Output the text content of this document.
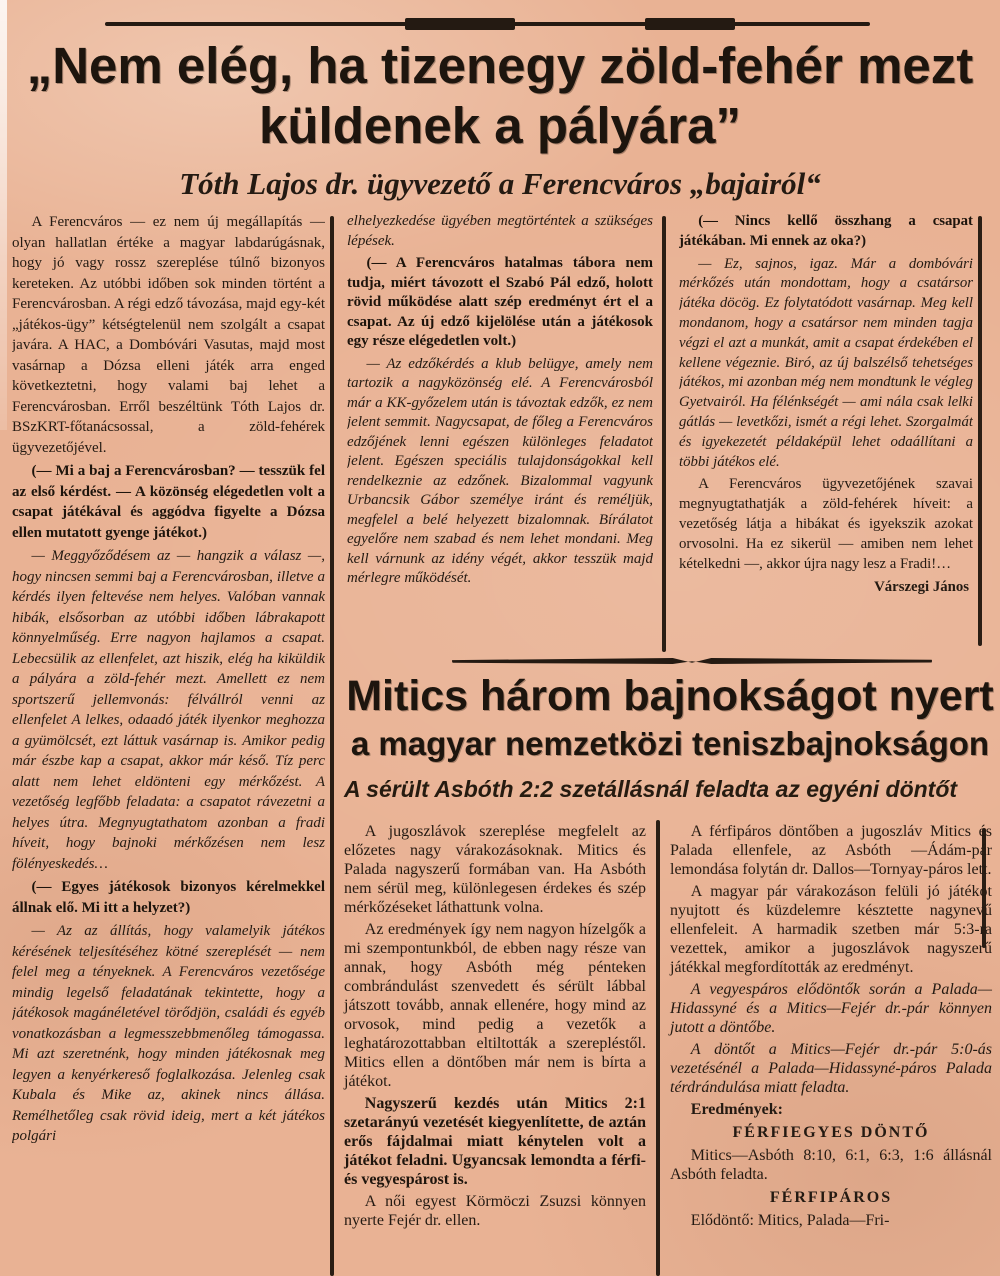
„Nem elég, ha tizenegy zöld-fehér mezt
küldenek a pályára”
Tóth Lajos dr. ügyvezető a Ferencváros „bajairól“

A Ferencváros — ez nem új megállapítás — olyan hallatlan értéke a magyar labdarúgásnak, hogy jó vagy rossz szereplése túlnő bizonyos kereteken. Az utóbbi időben sok minden történt a Ferencvárosban. A régi edző távozása, majd egy-két „játékos-ügy” kétségtelenül nem szolgált a csapat javára. A HAC, a Dombóvári Vasutas, majd most vasárnap a Dózsa elleni játék arra enged következtetni, hogy valami baj lehet a Ferencvárosban. Erről beszéltünk Tóth Lajos dr. BSzKRT-főtanácsossal, a zöld-fehérek ügyvezetőjével.

(— Mi a baj a Ferencvárosban? — tesszük fel az első kérdést. — A közönség elégedetlen volt a csapat játékával és aggódva figyelte a Dózsa ellen mutatott gyenge játékot.)

— Meggyőződésem az — hangzik a válasz —, hogy nincsen semmi baj a Ferencvárosban, illetve a kérdés ilyen feltevése nem helyes. Valóban vannak hibák, elsősorban az utóbbi időben lábrakapott könnyelműség. Erre nagyon hajlamos a csapat. Lebecsülik az ellenfelet, azt hiszik, elég ha kiküldik a pályára a zöld-fehér mezt. Amellett ez nem sportszerű jellemvonás: félvállról venni az ellenfelet A lelkes, odaadó játék ilyenkor meghozza a gyümölcsét, ezt láttuk vasárnap is. Amikor pedig már észbe kap a csapat, akkor már késő. Tíz perc alatt nem lehet eldönteni egy mérkőzést. A vezetőség legfőbb feladata: a csapatot rávezetni a helyes útra. Megnyugtathatom azonban a fradi híveit, hogy bajnoki mérkőzésen nem lesz fölényeskedés…

(— Egyes játékosok bizonyos kérelmekkel állnak elő. Mi itt a helyzet?)

— Az az állítás, hogy valamelyik játékos kérésének teljesítéséhez kötné szereplését — nem felel meg a tényeknek. A Ferencváros vezetősége mindig legelső feladatának tekintette, hogy a játékosok magánéletével törődjön, családi és egyéb vonatkozásban a legmesszebbmenőleg támogassa. Mi azt szeretnénk, hogy minden játékosnak meg legyen a kenyérkereső foglalkozása. Jelenleg csak Kubala és Mike az, akinek nincs állása. Remélhetőleg csak rövid ideig, mert a két játékos polgári

elhelyezkedése ügyében megtörténtek a szükséges lépések.

(— A Ferencváros hatalmas tábora nem tudja, miért távozott el Szabó Pál edző, holott rövid működése alatt szép eredményt ért el a csapat. Az új edző kijelölése után a játékosok egy része elégedetlen volt.)

— Az edzőkérdés a klub belügye, amely nem tartozik a nagyközönség elé. A Ferencvárosból már a KK-győzelem után is távoztak edzők, ez nem jelent semmit. Nagycsapat, de főleg a Ferencváros edzőjének lenni egészen különleges feladatot jelent. Egészen speciális tulajdonságokkal kell rendelkeznie az edzőnek. Bizalommal vagyunk Urbancsik Gábor személye iránt és reméljük, megfelel a belé helyezett bizalomnak. Bírálatot egyelőre nem szabad és nem lehet mondani. Meg kell várnunk az idény végét, akkor tesszük majd mérlegre működését.

(— Nincs kellő összhang a csapat játékában. Mi ennek az oka?)

— Ez, sajnos, igaz. Már a dombóvári mérkőzés után mondottam, hogy a csatársor játéka döcög. Ez folytatódott vasárnap. Meg kell mondanom, hogy a csatársor nem minden tagja végzi el azt a munkát, amit a csapat érdekében el kellene végeznie. Biró, az új balszélső tehetséges játékos, mi azonban még nem mondtunk le végleg Gyetvairól. Ha félénkségét — ami nála csak lelki gátlás — levetkőzi, ismét a régi lehet. Szorgalmát és igyekezetét példaképül lehet odaállítani a többi játékos elé.

A Ferencváros ügyvezetőjének szavai megnyugtathatják a zöld-fehérek híveit: a vezetőség látja a hibákat és igyekszik azokat orvosolni. Ha ez sikerül — amiben nem lehet kételkedni —, akkor újra nagy lesz a Fradi!…

Várszegi János

Mitics három bajnokságot nyert
a magyar nemzetközi teniszbajnokságon
A sérült Asbóth 2:2 szetállásnál feladta az egyéni döntőt

A jugoszlávok szereplése megfelelt az előzetes nagy várakozásoknak. Mitics és Palada nagyszerű formában van. Ha Asbóth nem sérül meg, különlegesen érdekes és szép mérkőzéseket láthattunk volna.

Az eredmények így nem nagyon hízelgők a mi szempontunkból, de ebben nagy része van annak, hogy Asbóth még pénteken combrándulást szenvedett és sérült lábbal játszott tovább, annak ellenére, hogy mind az orvosok, mind pedig a vezetők a leghatározottabban eltiltották a szerepléstől. Mitics ellen a döntőben már nem is bírta a játékot.

Nagyszerű kezdés után Mitics 2:1 szetarányú vezetését kiegyenlítette, de aztán erős fájdalmai miatt kénytelen volt a játékot feladni. Ugyancsak lemondta a férfi- és vegyespárost is.

A női egyest Körmöczi Zsuzsi könnyen nyerte Fejér dr. ellen.

A férfipáros döntőben a jugoszláv Mitics és Palada ellenfele, az Asbóth —Ádám-pár lemondása folytán dr. Dallos—Tornyay-páros lett.

A magyar pár várakozáson felüli jó játékot nyujtott és küzdelemre késztette nagynevű ellenfeleit. A harmadik szetben már 5:3-ra vezettek, amikor a jugoszlávok nagyszerű játékkal megfordították az eredményt.

A vegyespáros elődöntők során a Palada—Hidassyné és a Mitics—Fejér dr.-pár könnyen jutott a döntőbe.

A döntőt a Mitics—Fejér dr.-pár 5:0-ás vezetésénél a Palada—Hidassyné-páros Palada térdrándulása miatt feladta.

Eredmények:

FÉRFIEGYES DÖNTŐ

Mitics—Asbóth 8:10, 6:1, 6:3, 1:6 állásnál Asbóth feladta.

FÉRFIPÁROS

Elődöntő: Mitics, Palada—Fri-
